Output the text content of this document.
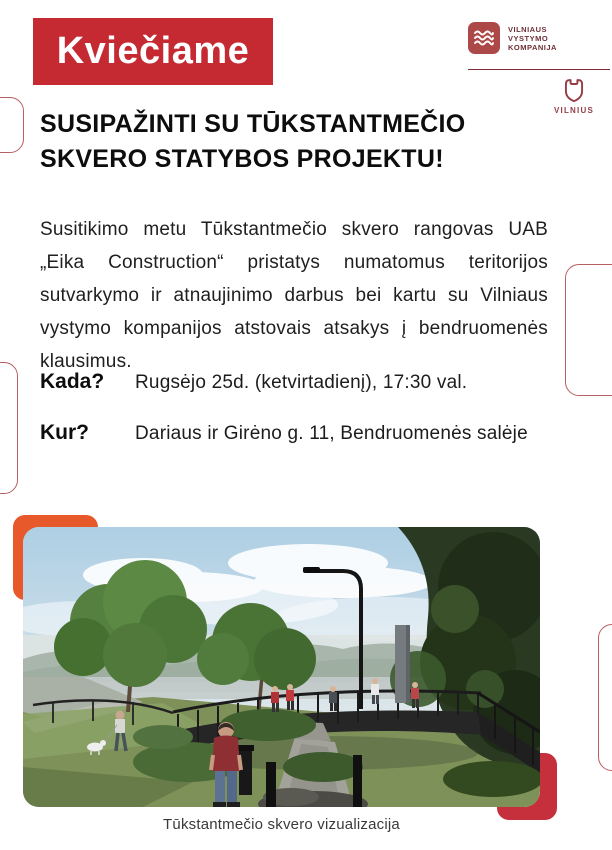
Kviečiame
VILNIAUS
VYSTYMO
KOMPANIJA
VILNIUS
SUSIPAŽINTI SU TŪKSTANTMEČIO
SKVERO STATYBOS PROJEKTU!

Susitikimo metu Tūkstantmečio skvero rangovas UAB „Eika Construction“ pristatys numatomus teritorijos sutvarkymo ir atnaujinimo darbus bei kartu su Vilniaus vystymo kompanijos atstovais atsakys į bendruomenės klausimus.

Kada?	Rugsėjo 25d. (ketvirtadienį), 17:30 val.
Kur?	Dariaus ir Girėno g. 11, Bendruomenės salėje
Tūkstantmečio skvero vizualizacija
